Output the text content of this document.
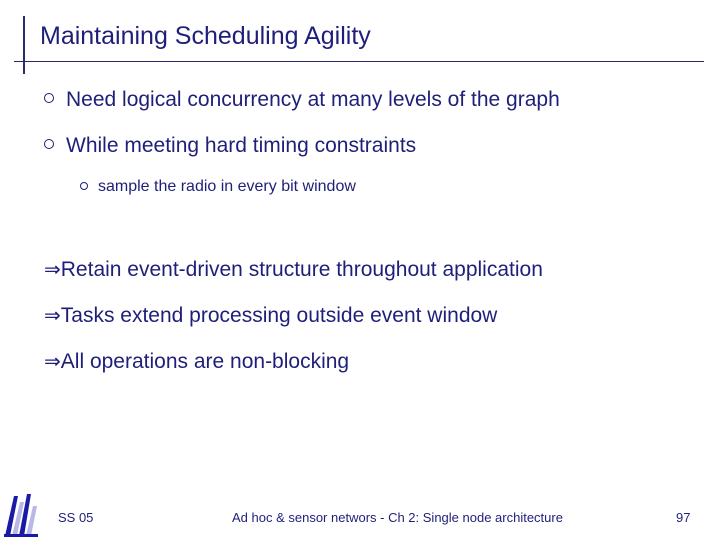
Maintaining Scheduling Agility
Need logical concurrency at many levels of the graph
While meeting hard timing constraints
sample the radio in every bit window
⇒Retain event-driven structure throughout application
⇒Tasks extend processing outside event window
⇒All operations are non-blocking
SS 05	Ad hoc & sensor networs - Ch 2: Single node architecture	97
